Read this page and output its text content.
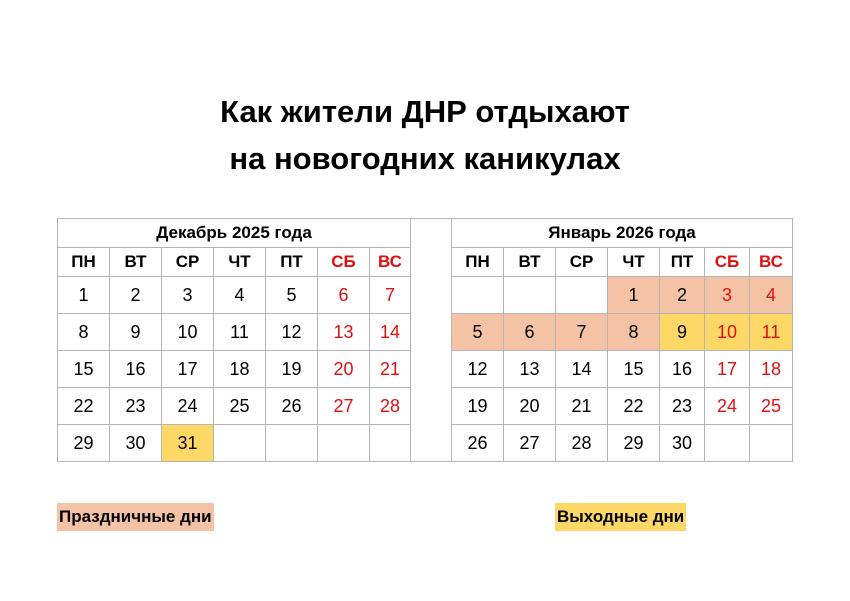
Как жители ДНР отдыхают
на новогодних каникулах
Декабрь 2025 года								Январь 2026 года						
ПН	ВТ	СР	ЧТ	ПТ	СБ	ВС		ПН	ВТ	СР	ЧТ	ПТ	СБ	ВС
1	2	3	4	5	6	7					1	2	3	4
8	9	10	11	12	13	14		5	6	7	8	9	10	11
15	16	17	18	19	20	21		12	13	14	15	16	17	18
22	23	24	25	26	27	28		19	20	21	22	23	24	25
29	30	31						26	27	28	29	30		
Праздничные дни	Выходные дни
